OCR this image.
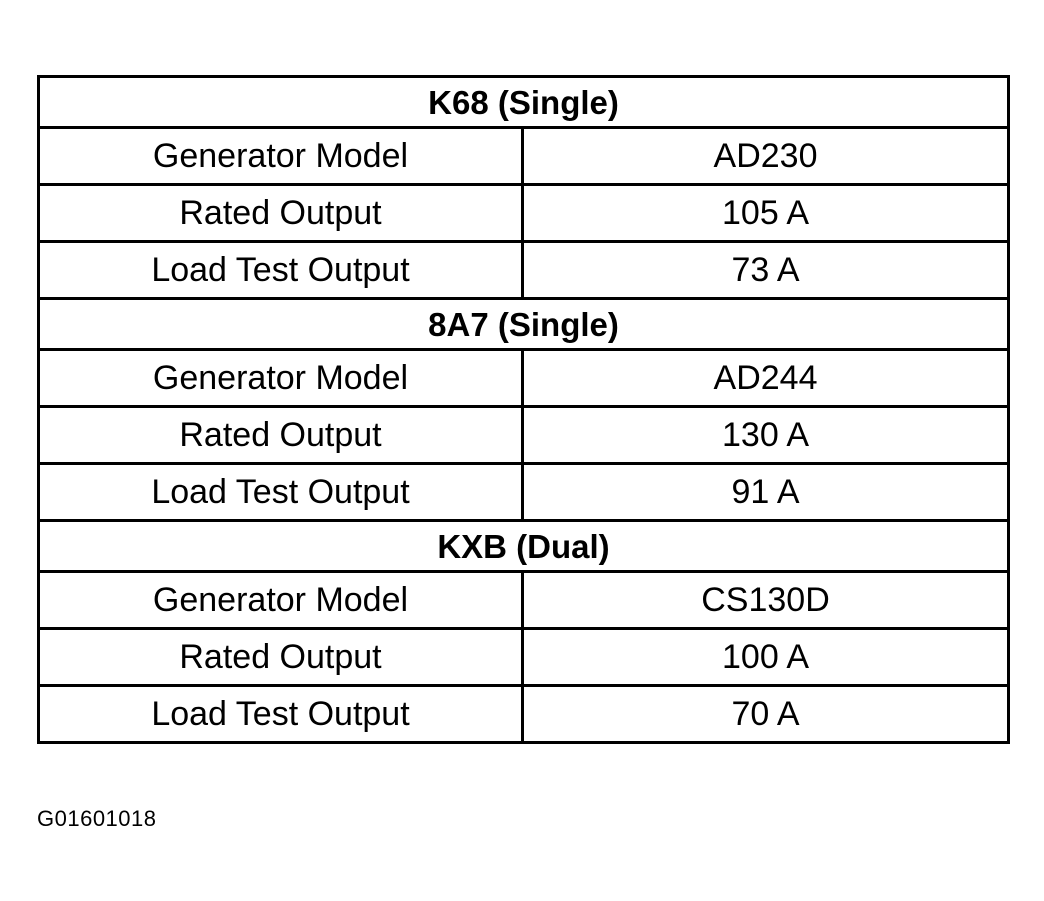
K68 (Single)	
Generator Model	AD230
Rated Output	105 A
Load Test Output	73 A
8A7 (Single)	
Generator Model	AD244
Rated Output	130 A
Load Test Output	91 A
KXB (Dual)	
Generator Model	CS130D
Rated Output	100 A
Load Test Output	70 A
G01601018
